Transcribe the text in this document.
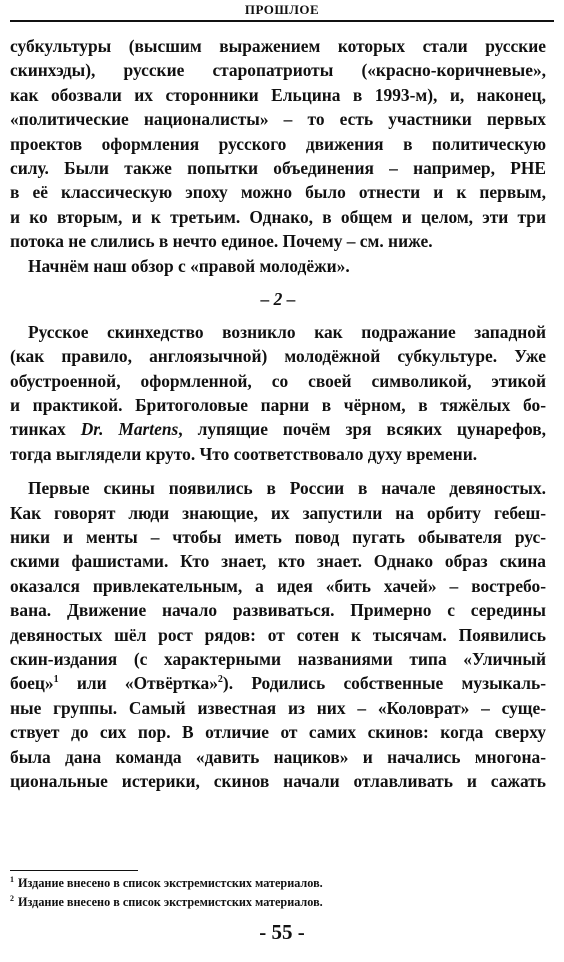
ПРОШЛОЕ
субкультуры (высшим выражением которых стали русские
скинхэды), русские старопатриоты («красно-коричневые»,
как обозвали их сторонники Ельцина в 1993-м), и, наконец,
«политические националисты» – то есть участники первых
проектов оформления русского движения в политическую
силу. Были также попытки объединения – например, РНЕ
в её классическую эпоху можно было отнести и к первым,
и ко вторым, и к третьим. Однако, в общем и целом, эти три
потока не слились в нечто единое. Почему – см. ниже.
Начнём наш обзор с «правой молодёжи».
– 2 –
Русское скинхедство возникло как подражание западной
(как правило, англоязычной) молодёжной субкультуре. Уже
обустроенной, оформленной, со своей символикой, этикой
и практикой. Бритоголовые парни в чёрном, в тяжёлых бо-
тинках Dr. Martens, лупящие почём зря всяких цунарефов,
тогда выглядели круто. Что соответствовало духу времени.
Первые скины появились в России в начале девяностых.
Как говорят люди знающие, их запустили на орбиту гебеш-
ники и менты – чтобы иметь повод пугать обывателя рус-
скими фашистами. Кто знает, кто знает. Однако образ скина
оказался привлекательным, а идея «бить хачей» – востребо-
вана. Движение начало развиваться. Примерно с середины
девяностых шёл рост рядов: от сотен к тысячам. Появились
скин-издания (с характерными названиями типа «Уличный
боец»$^1$ или «Отвёртка»$^2$). Родились собственные музыкаль-
ные группы. Самый известная из них – «Коловрат» – суще-
ствует до сих пор. В отличие от самих скинов: когда сверху
была дана команда «давить нациков» и начались многона-
циональные истерики, скинов начали отлавливать и сажать
$^1$ Издание внесено в список экстремистских материалов.
$^2$ Издание внесено в список экстремистских материалов.
- 55 -
